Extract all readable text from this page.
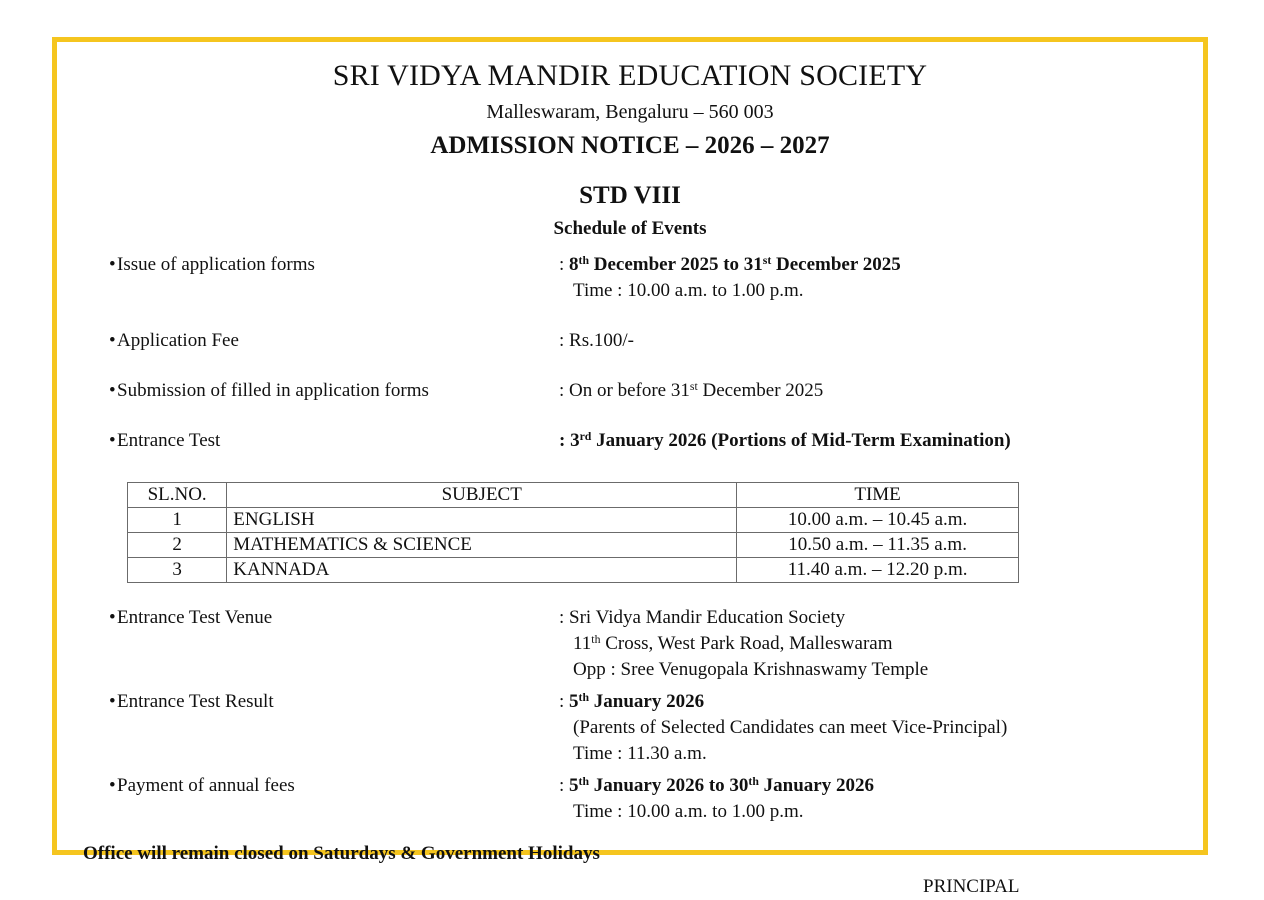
SRI VIDYA MANDIR EDUCATION SOCIETY
Malleswaram, Bengaluru – 560 003
ADMISSION NOTICE – 2026 – 2027
STD VIII
Schedule of Events
• Issue of application forms	: 8th December 2025 to 31st December 2025
Time : 10.00 a.m. to 1.00 p.m.
• Application Fee	: Rs.100/-
• Submission of filled in application forms	: On or before 31st December 2025
• Entrance Test	: 3rd January 2026 (Portions of Mid-Term Examination)
SL.NO.	SUBJECT	TIME
1	ENGLISH	10.00 a.m. – 10.45 a.m.
2	MATHEMATICS & SCIENCE	10.50 a.m. – 11.35 a.m.
3	KANNADA	11.40 a.m. – 12.20 p.m.
• Entrance Test Venue	: Sri Vidya Mandir Education Society
11th Cross, West Park Road, Malleswaram
Opp : Sree Venugopala Krishnaswamy Temple
• Entrance Test Result	: 5th January 2026
(Parents of Selected Candidates can meet Vice-Principal)
Time : 11.30 a.m.
• Payment of annual fees	: 5th January 2026 to 30th January 2026
Time : 10.00 a.m. to 1.00 p.m.
Office will remain closed on Saturdays & Government Holidays
PRINCIPAL
